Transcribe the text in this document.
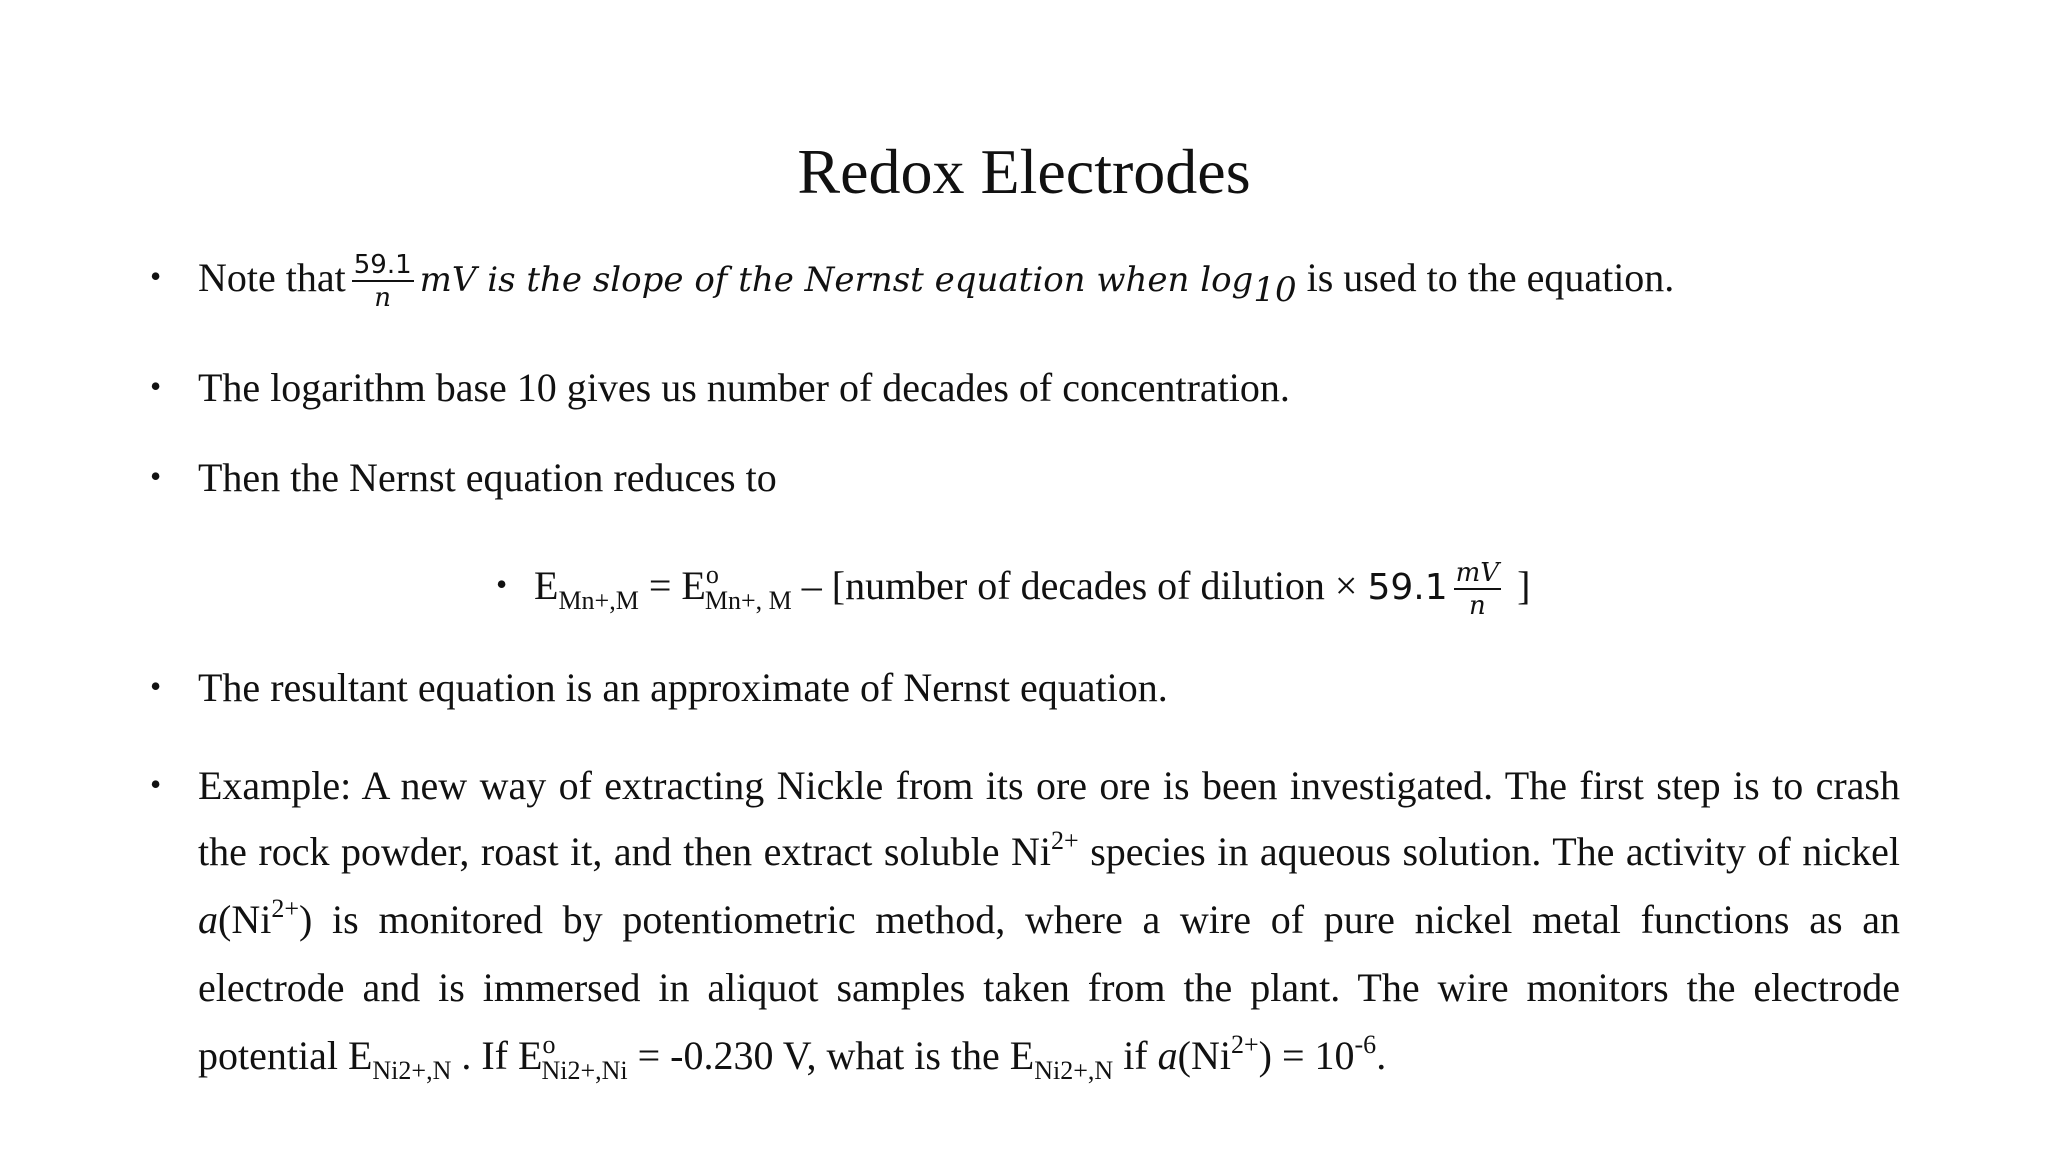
Redox Electrodes
• Note that $\frac{59.1}{n}$ mV is the slope of the Nernst equation when $\log_{10}$ is used to the equation.
• The logarithm base 10 gives us number of decades of concentration.
• Then the Nernst equation reduces to
• $E_{Mn+,M} = E^o_{Mn+, M}$ – [number of decades of dilution × $59.1 \frac{mV}{n}$ ]
• The resultant equation is an approximate of Nernst equation.
• Example: A new way of extracting Nickle from its ore ore is been investigated. The first step is to crash
the rock powder, roast it, and then extract soluble $Ni^{2+}$ species in aqueous solution. The activity of nickel
$a(Ni^{2+})$ is monitored by potentiometric method, where a wire of pure nickel metal functions as an
electrode and is immersed in aliquot samples taken from the plant. The wire monitors the electrode
potential $E_{Ni2+,N}$ . If $E^o_{Ni2+,Ni} = -0.230$ V, what is the $E_{Ni2+,N}$ if $a(Ni^{2+}) = 10^{-6}$.
